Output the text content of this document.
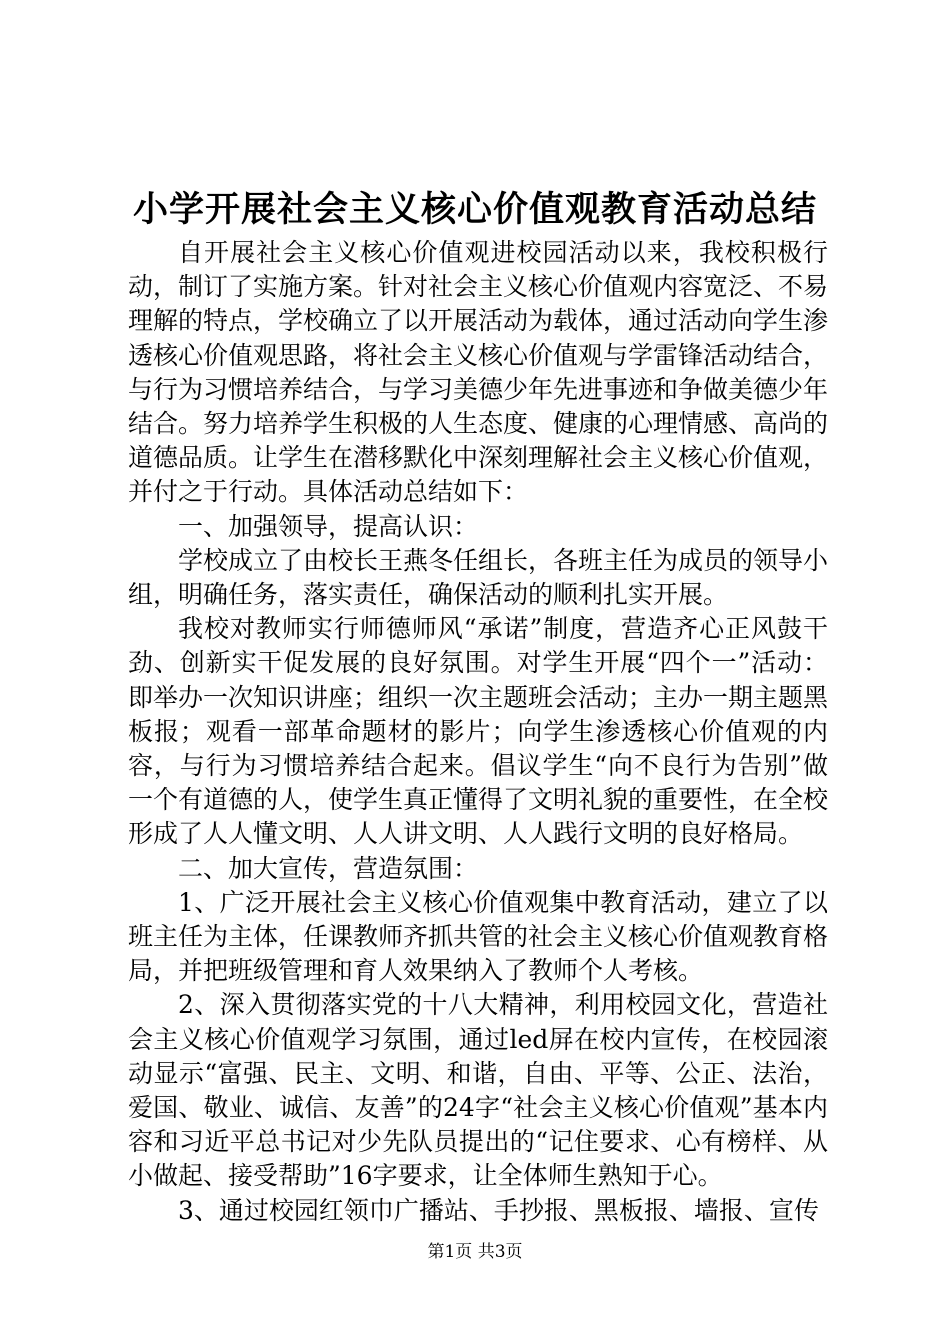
小学开展社会主义核心价值观教育活动总结

自开展社会主义核心价值观进校园活动以来，我校积极行动，制订了实施方案。针对社会主义核心价值观内容宽泛、不易理解的特点，学校确立了以开展活动为载体，通过活动向学生渗透核心价值观思路，将社会主义核心价值观与学雷锋活动结合，与行为习惯培养结合，与学习美德少年先进事迹和争做美德少年结合。努力培养学生积极的人生态度、健康的心理情感、高尚的道德品质。让学生在潜移默化中深刻理解社会主义核心价值观，并付之于行动。具体活动总结如下：

一、加强领导，提高认识：

学校成立了由校长王燕冬任组长，各班主任为成员的领导小组，明确任务，落实责任，确保活动的顺利扎实开展。

我校对教师实行师德师风“承诺”制度，营造齐心正风鼓干劲、创新实干促发展的良好氛围。对学生开展“四个一”活动：即举办一次知识讲座；组织一次主题班会活动；主办一期主题黑板报；观看一部革命题材的影片；向学生渗透核心价值观的内容，与行为习惯培养结合起来。倡议学生“向不良行为告别”做一个有道德的人，使学生真正懂得了文明礼貌的重要性，在全校形成了人人懂文明、人人讲文明、人人践行文明的良好格局。

二、加大宣传，营造氛围：

1、广泛开展社会主义核心价值观集中教育活动，建立了以班主任为主体，任课教师齐抓共管的社会主义核心价值观教育格局，并把班级管理和育人效果纳入了教师个人考核。

2、深入贯彻落实党的十八大精神，利用校园文化，营造社会主义核心价值观学习氛围，通过led屏在校内宣传，在校园滚动显示“富强、民主、文明、和谐，自由、平等、公正、法治，爱国、敬业、诚信、友善”的24字“社会主义核心价值观”基本内容和习近平总书记对少先队员提出的“记住要求、心有榜样、从小做起、接受帮助”16字要求，让全体师生熟知于心。

3、通过校园红领巾广播站、手抄报、黑板报、墙报、宣传

第1页 共3页
